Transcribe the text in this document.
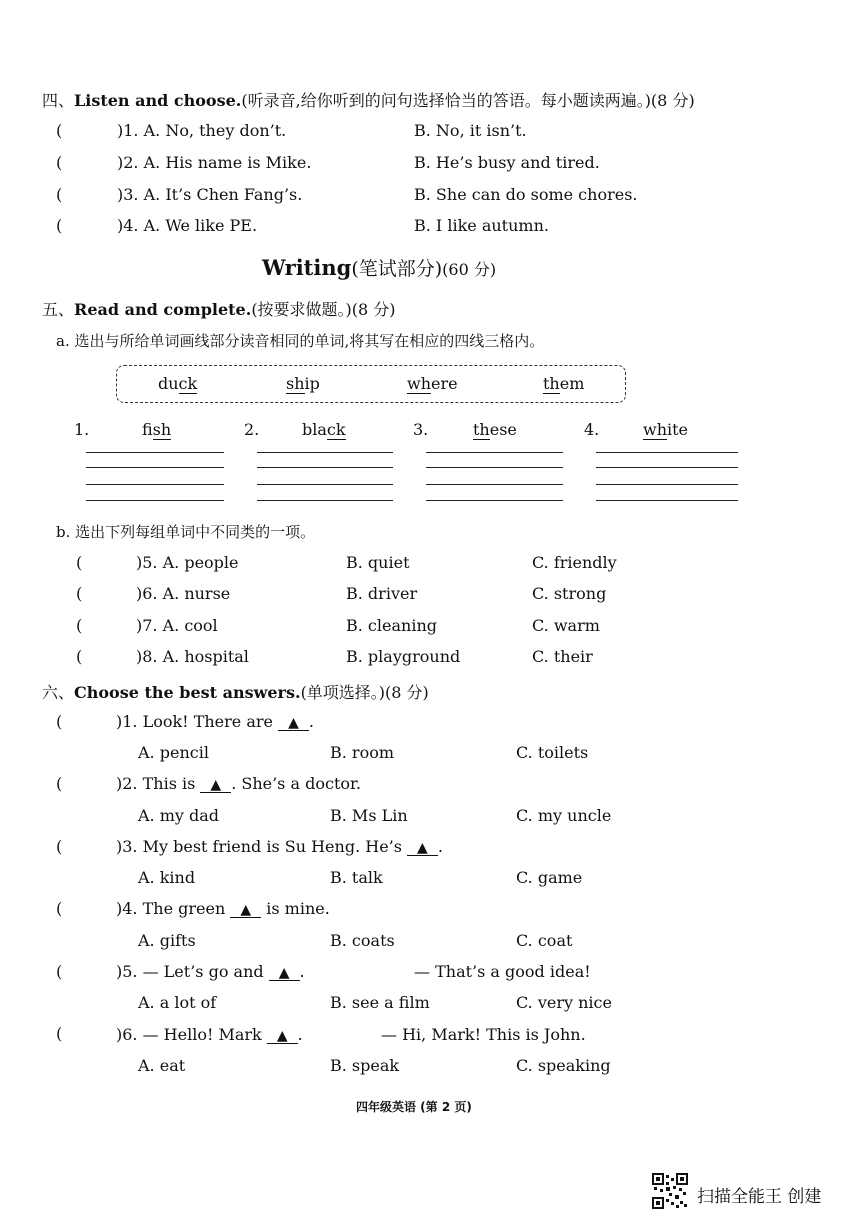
四、Listen and choose.(听录音,给你听到的问句选择恰当的答语。每小题读两遍。)(8 分)
(	)1. A. No, they don’t.	B. No, it isn’t.
(	)2. A. His name is Mike.	B. He’s busy and tired.
(	)3. A. It’s Chen Fang’s.	B. She can do some chores.
(	)4. A. We like PE.	B. I like autumn.
Writing(笔试部分)(60 分)
五、Read and complete.(按要求做题。)(8 分)
a. 选出与所给单词画线部分读音相同的单词,将其写在相应的四线三格内。
duck	ship	where	them
1.	fish	2.	black	3.	these	4.	white
b. 选出下列每组单词中不同类的一项。
(	)5. A. people	B. quiet	C. friendly
(	)6. A. nurse	B. driver	C. strong
(	)7. A. cool	B. cleaning	C. warm
(	)8. A. hospital	B. playground	C. their
六、Choose the best answers.(单项选择。)(8 分)
(	)1. Look! There are ▲ .
A. pencil	B. room	C. toilets
(	)2. This is ▲ . She’s a doctor.
A. my dad	B. Ms Lin	C. my uncle
(	)3. My best friend is Su Heng. He’s ▲ .
A. kind	B. talk	C. game
(	)4. The green ▲ is mine.
A. gifts	B. coats	C. coat
(	)5. — Let’s go and ▲ .	— That’s a good idea!
A. a lot of	B. see a film	C. very nice
(	)6. — Hello! Mark ▲ .	— Hi, Mark! This is John.
A. eat	B. speak	C. speaking
四年级英语 (第 2 页)
扫描全能王 创建
